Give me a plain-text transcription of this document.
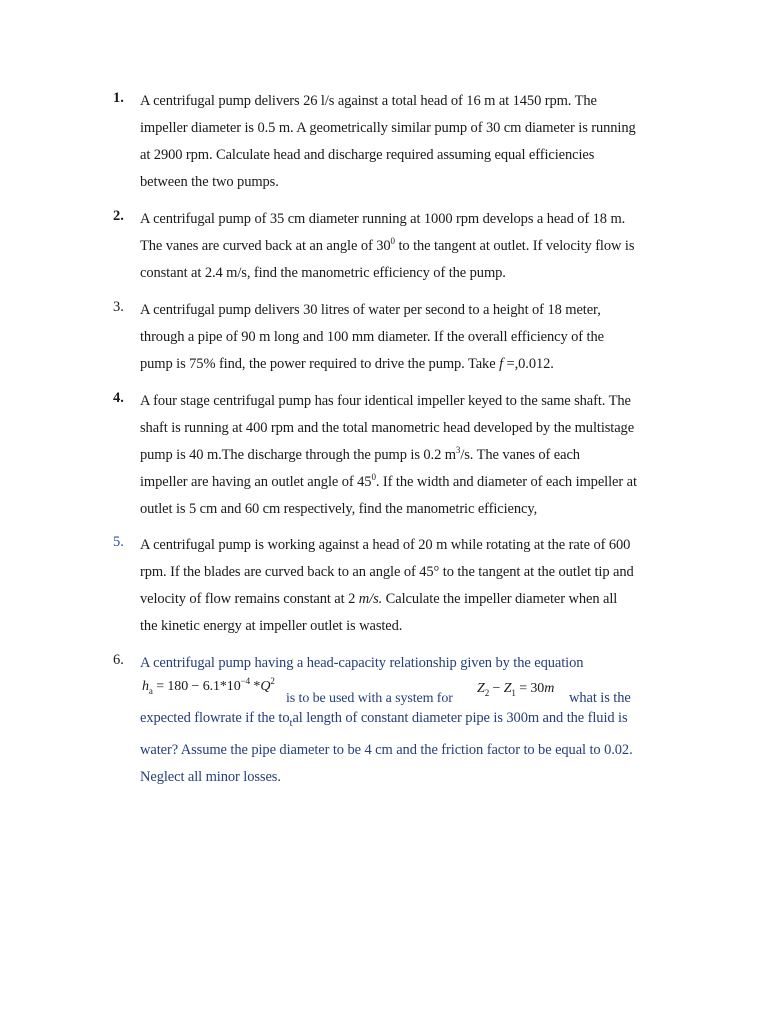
1. A centrifugal pump delivers 26 l/s against a total head of 16 m at 1450 rpm. The
impeller diameter is 0.5 m. A geometrically similar pump of 30 cm diameter is running
at 2900 rpm. Calculate head and discharge required assuming equal efficiencies
between the two pumps.
2. A centrifugal pump of 35 cm diameter running at 1000 rpm develops a head of 18 m.
The vanes are curved back at an angle of $30^0$ to the tangent at outlet. If velocity flow is
constant at 2.4 m/s, find the manometric efficiency of the pump.
3. A centrifugal pump delivers 30 litres of water per second to a height of 18 meter,
through a pipe of 90 m long and 100 mm diameter. If the overall efficiency of the
pump is 75% find, the power required to drive the pump. Take f =,0.012.
4. A four stage centrifugal pump has four identical impeller keyed to the same shaft. The
shaft is running at 400 rpm and the total manometric head developed by the multistage
pump is 40 m.The discharge through the pump is 0.2 $m^3/s$. The vanes of each
impeller are having an outlet angle of $45^0$. If the width and diameter of each impeller at
outlet is 5 cm and 60 cm respectively, find the manometric efficiency,
5. A centrifugal pump is working against a head of 20 m while rotating at the rate of 600
rpm. If the blades are curved back to an angle of 45° to the tangent at the outlet tip and
velocity of flow remains constant at 2 m/s. Calculate the impeller diameter when all
the kinetic energy at impeller outlet is wasted.
6. A centrifugal pump having a head-capacity relationship given by the equation
$h_a = 180 - 6.1*10^{-4}$ $*Q^2$
is to be used with a system for
$Z_2 - Z_1 = 30m$
what is the
expected flowrate if the $to_tal$ length of constant diameter pipe is 300m and the fluid is
water? Assume the pipe diameter to be 4 cm and the friction factor to be equal to 0.02.
Neglect all minor losses.
